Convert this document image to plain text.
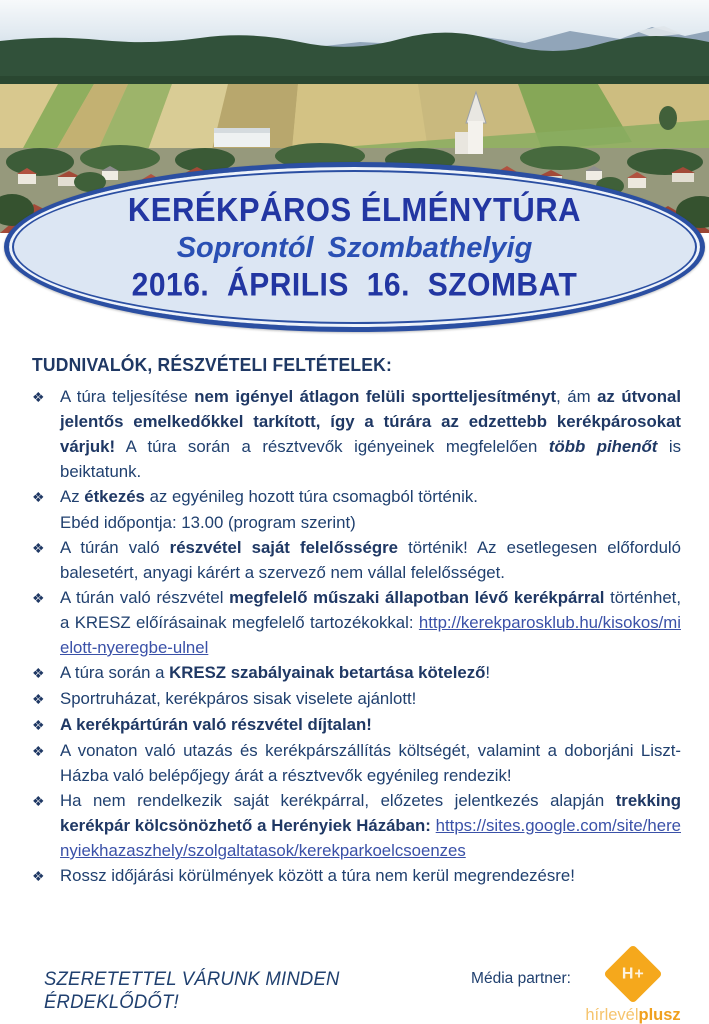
KERÉKPÁROS ÉLMÉNYTÚRA
Soprontól Szombathelyig
2016. ÁPRILIS 16. SZOMBAT
TUDNIVALÓK, RÉSZVÉTELI FELTÉTELEK:
❖ A túra teljesítése nem igényel átlagon felüli sportteljesítményt, ám az útvonal jelentős emelkedőkkel tarkított, így a túrára az edzettebb kerékpárosokat várjuk! A túra során a résztvevők igényeinek megfelelően több pihenőt is beiktatunk.
❖ Az étkezés az egyénileg hozott túra csomagból történik.
Ebéd időpontja: 13.00 (program szerint)
❖ A túrán való részvétel saját felelősségre történik! Az esetlegesen előforduló balesetért, anyagi kárért a szervező nem vállal felelősséget.
❖ A túrán való részvétel megfelelő műszaki állapotban lévő kerékpárral történhet, a KRESZ előírásainak megfelelő tartozékokkal: http://kerekparosklub.hu/kisokos/mielott-nyeregbe-ulnel
❖ A túra során a KRESZ szabályainak betartása kötelező!
❖ Sportruházat, kerékpáros sisak viselete ajánlott!
❖ A kerékpártúrán való részvétel díjtalan!
❖ A vonaton való utazás és kerékpárszállítás költségét, valamint a doborjáni Liszt-Házba való belépőjegy árát a résztvevők egyénileg rendezik!
❖ Ha nem rendelkezik saját kerékpárral, előzetes jelentkezés alapján trekking kerékpár kölcsönözhető a Herényiek Házában: https://sites.google.com/site/herenyiekhazaszhely/szolgaltatasok/kerekparkoelcsoenzes
❖ Rossz időjárási körülmények között a túra nem kerül megrendezésre!
SZERETETTEL VÁRUNK MINDEN ÉRDEKLŐDŐT!
Média partner:	H+
hírlevélplusz
